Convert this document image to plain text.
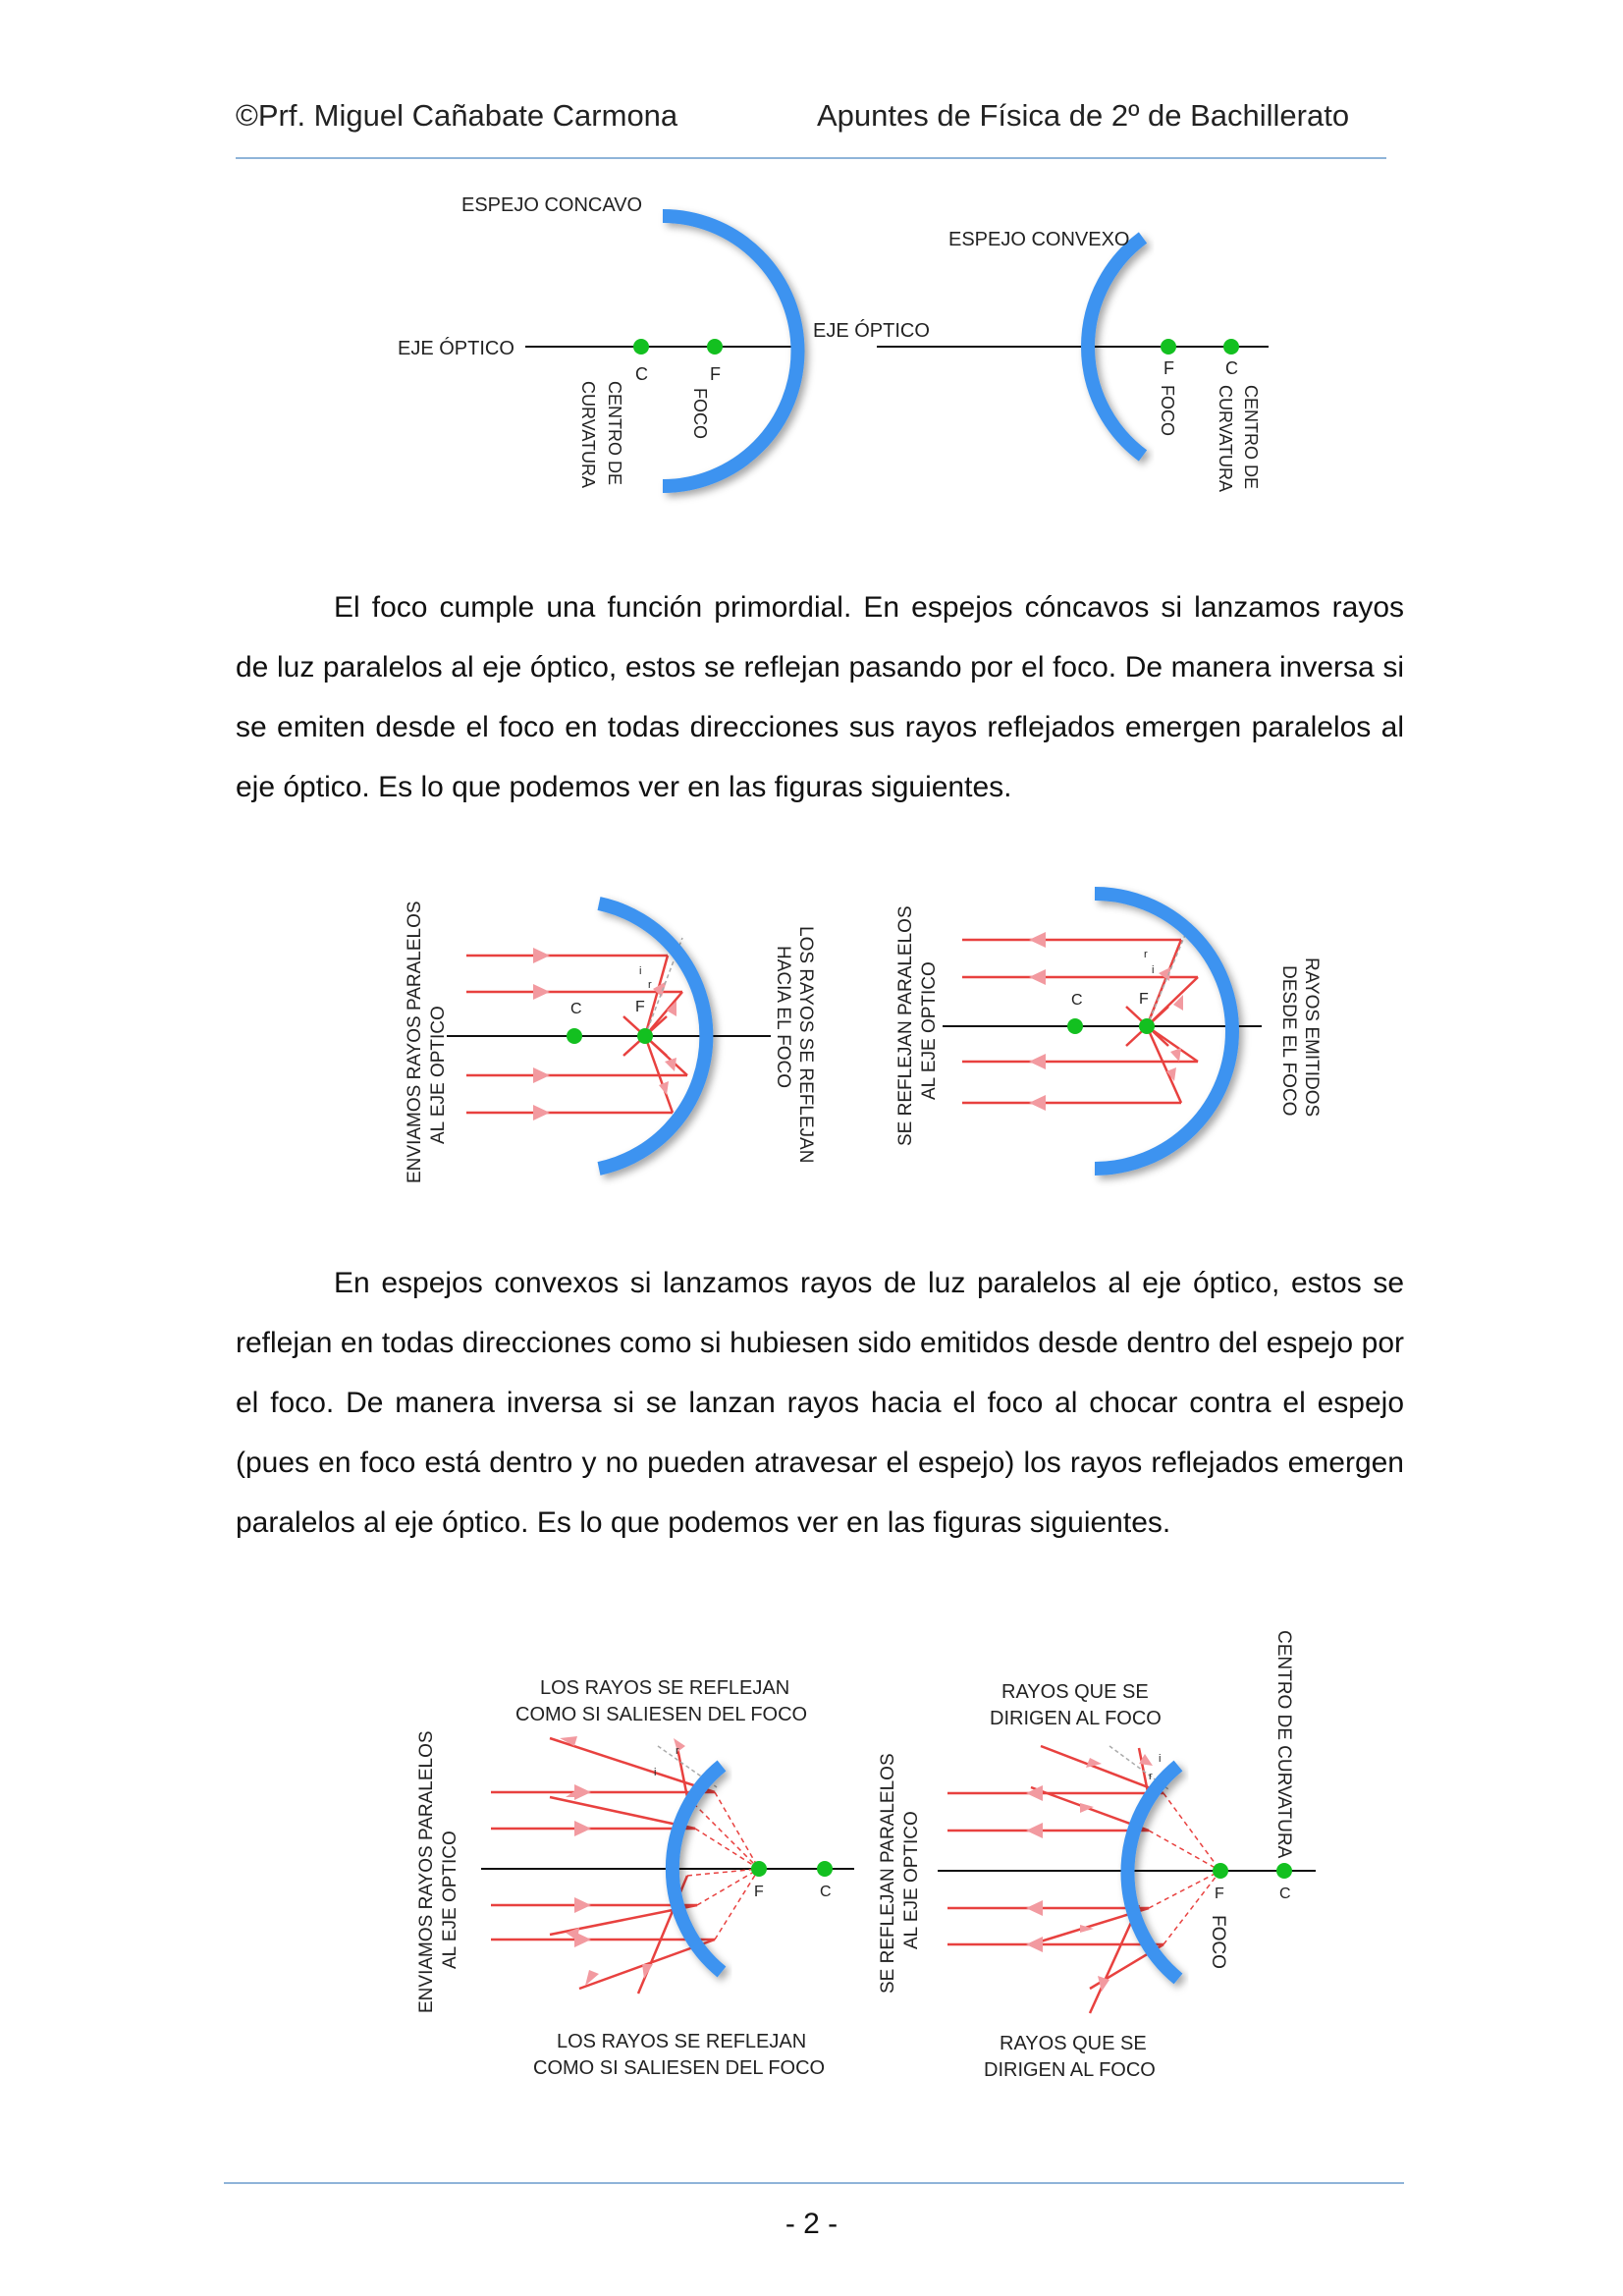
©Prf. Miguel Cañabate Carmona	Apuntes de Física de 2º de Bachillerato
ESPEJO CONCAVO
EJE ÓPTICO
C	F
CENTRO DE
CURVATURA	FOCO
EJE ÓPTICO
ESPEJO CONVEXO
F	C
FOCO	CENTRO DE
CURVATURA

El foco cumple una función primordial. En espejos cóncavos si lanzamos rayos de luz paralelos al eje óptico, estos se reflejan pasando por el foco. De manera inversa si se emiten desde el foco en todas direcciones sus rayos reflejados emergen paralelos al eje óptico. Es lo que podemos ver en las figuras siguientes.

C	F
i
r
ENVIAMOS RAYOS PARALELOS AL EJE OPTICO	LOS RAYOS SE REFLEJAN
HACIA EL FOCO	C	F
r
i
SE REFLEJAN PARALELOS AL EJE OPTICO	RAYOS EMITIDOS
DESDE EL FOCO

En espejos convexos si lanzamos rayos de luz paralelos al eje óptico, estos se reflejan en todas direcciones como si hubiesen sido emitidos desde dentro del espejo por el foco. De manera inversa si se lanzan rayos hacia el foco al chocar contra el espejo (pues en foco está dentro y no pueden atravesar el espejo) los rayos reflejados emergen paralelos al eje óptico. Es lo que podemos ver en las figuras siguientes.

F	C
r
i
LOS RAYOS SE REFLEJAN
COMO SI SALIESEN DEL FOCO
LOS RAYOS SE REFLEJAN
COMO SI SALIESEN DEL FOCO
ENVIAMOS RAYOS PARALELOS AL EJE OPTICO	F	C
i
r
RAYOS QUE SE
DIRIGEN AL FOCO
RAYOS QUE SE
DIRIGEN AL FOCO
SE REFLEJAN PARALELOS AL EJE OPTICO
CENTRO DE CURVATURA
FOCO
- 2 -
